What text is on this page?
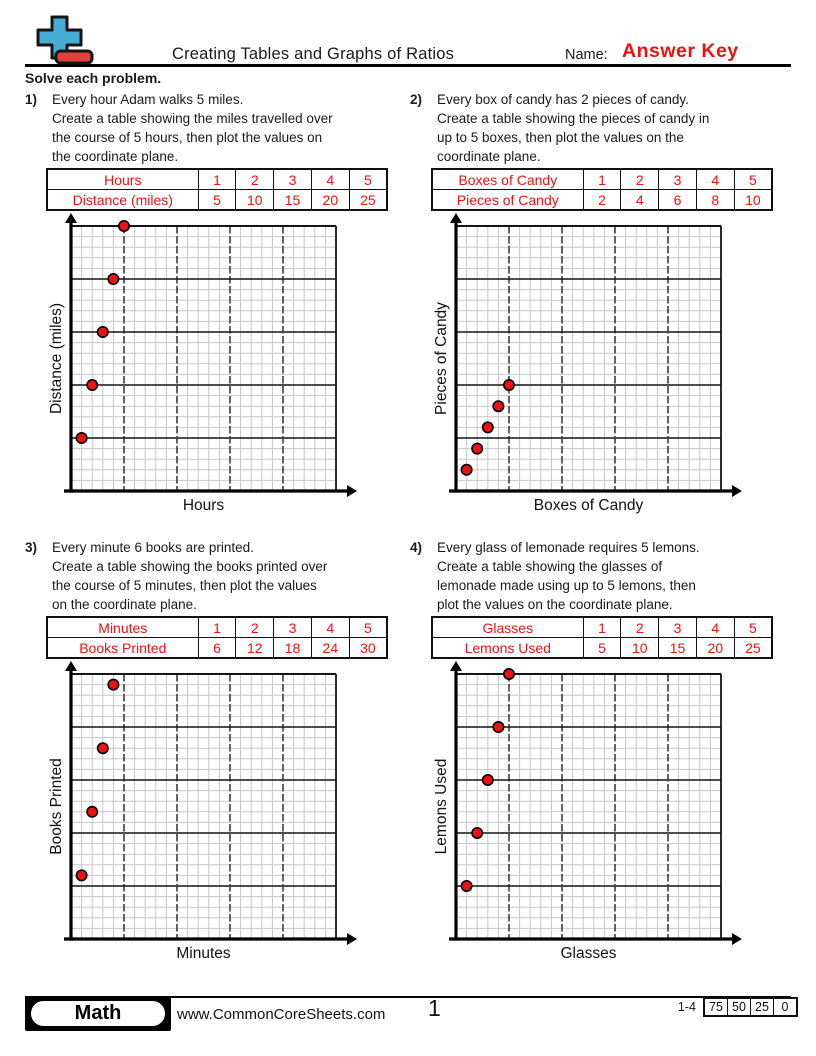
Creating Tables and Graphs of Ratios	Name: Answer Key
Solve each problem.
1)	Every hour Adam walks 5 miles.
Create a table showing the miles travelled over
the course of 5 hours, then plot the values on
the coordinate plane.
Hours	1	2	3	4	5
Distance (miles)	5	10	15	20	25
Hours
Distance (miles)
2)	Every box of candy has 2 pieces of candy.
Create a table showing the pieces of candy in
up to 5 boxes, then plot the values on the
coordinate plane.
Boxes of Candy	1	2	3	4	5
Pieces of Candy	2	4	6	8	10
Boxes of Candy
Pieces of Candy
3)	Every minute 6 books are printed.
Create a table showing the books printed over
the course of 5 minutes, then plot the values
on the coordinate plane.
Minutes	1	2	3	4	5
Books Printed	6	12	18	24	30
Minutes
Books Printed
4)	Every glass of lemonade requires 5 lemons.
Create a table showing the glasses of
lemonade made using up to 5 lemons, then
plot the values on the coordinate plane.
Glasses	1	2	3	4	5
Lemons Used	5	10	15	20	25
Glasses
Lemons Used
Math	www.CommonCoreSheets.com 1	1-4 75	50	25	0
